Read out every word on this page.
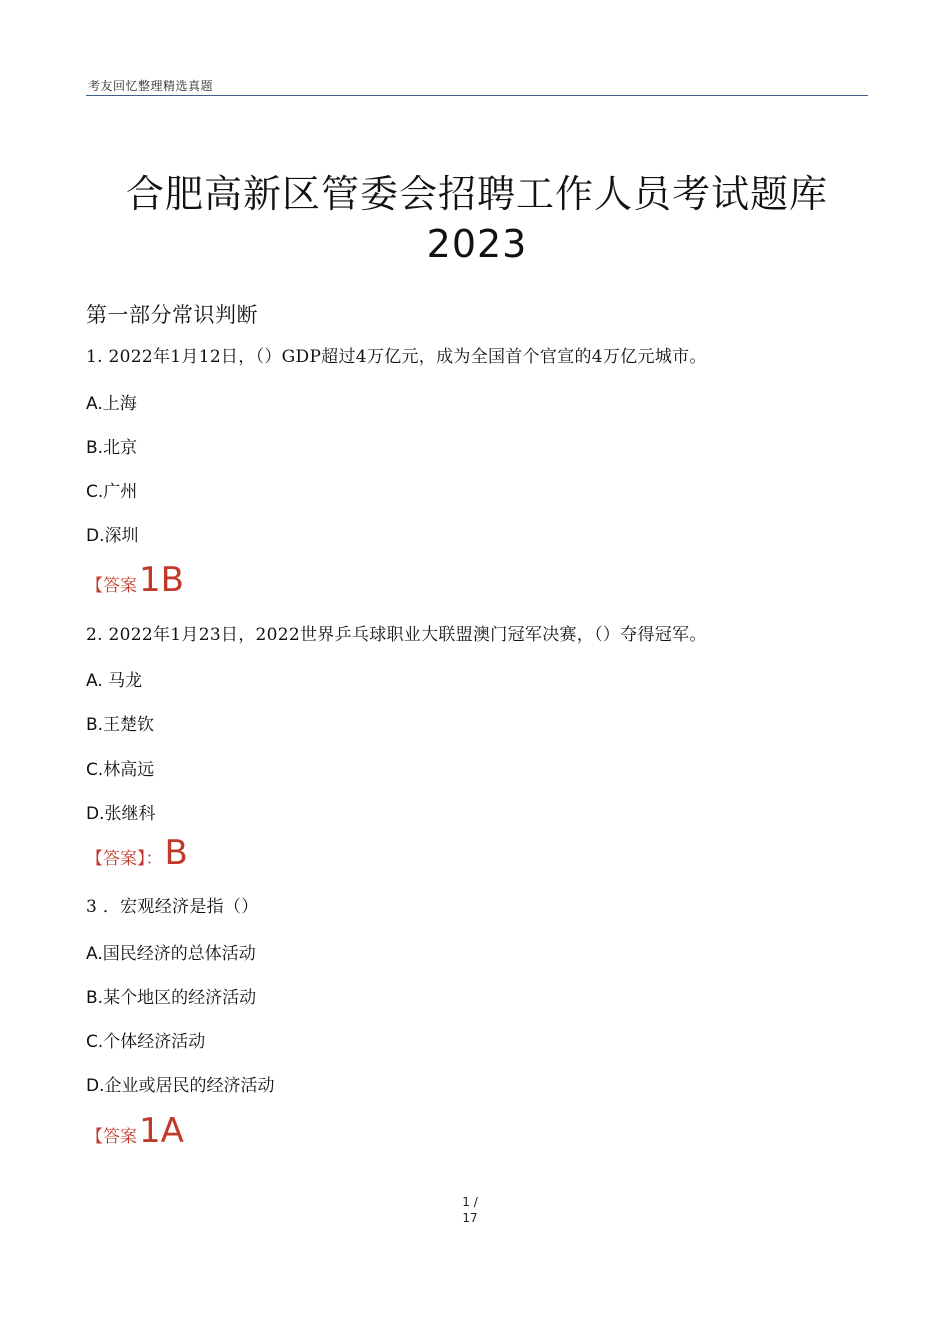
考友回忆整理精选真题
合肥高新区管委会招聘工作人员考试题库
2023
第一部分常识判断
1. 2022年1月12日，（）GDP超过4万亿元，成为全国首个官宣的4万亿元城市。
A.上海
B.北京
C.广州
D.深圳
【答案1B
2. 2022年1月23日，2022世界乒乓球职业大联盟澳门冠军决赛，（）夺得冠军。
A. 马龙
B.王楚钦
C.林高远
D.张继科
【答案】：B
3 ．宏观经济是指（）
A.国民经济的总体活动
B.某个地区的经济活动
C.个体经济活动
D.企业或居民的经济活动
【答案1A
1 /
17
